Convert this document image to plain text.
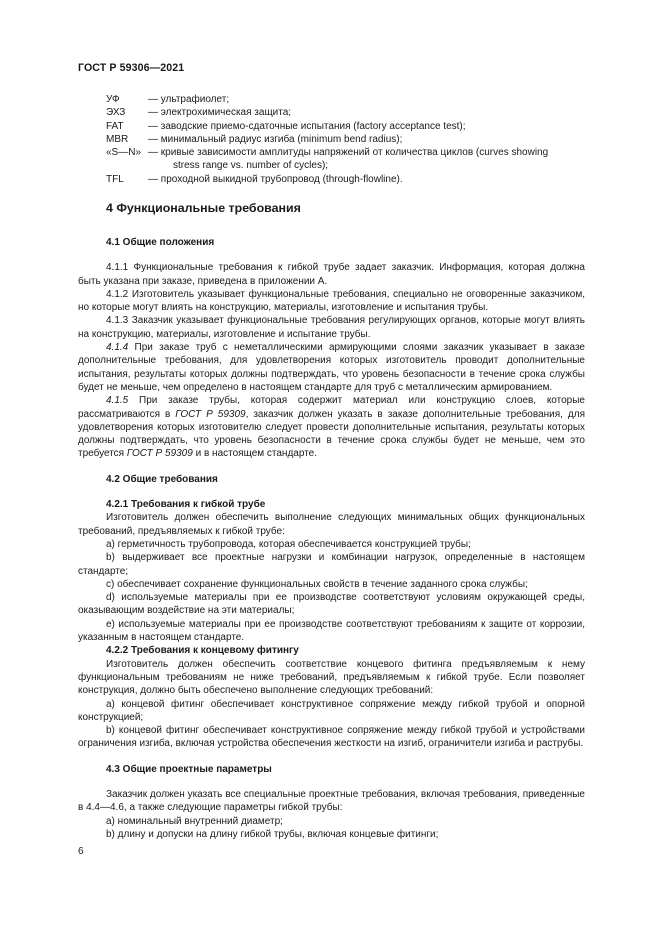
ГОСТ Р 59306—2021
УФ	— ультрафиолет;
ЭХЗ	— электрохимическая защита;
FAT	— заводские приемо-сдаточные испытания (factory acceptance test);
MBR	— минимальный радиус изгиба (minimum bend radius);
«S—N» — кривые зависимости амплитуды напряжений от количества циклов (curves showing
stress range vs. number of cycles);
TFL	— проходной выкидной трубопровод (through-flowline).
4 Функциональные требования
4.1 Общие положения

4.1.1 Функциональные требования к гибкой трубе задает заказчик. Информация, которая должна быть указана при заказе, приведена в приложении А.

4.1.2 Изготовитель указывает функциональные требования, специально не оговоренные заказчиком, но которые могут влиять на конструкцию, материалы, изготовление и испытания трубы.

4.1.3 Заказчик указывает функциональные требования регулирующих органов, которые могут влиять на конструкцию, материалы, изготовление и испытание трубы.

4.1.4 При заказе труб с неметаллическими армирующими слоями заказчик указывает в заказе дополнительные требования, для удовлетворения которых изготовитель проводит дополнительные испытания, результаты которых должны подтверждать, что уровень безопасности в течение срока службы будет не меньше, чем определено в настоящем стандарте для труб с металлическим армированием.

4.1.5 При заказе трубы, которая содержит материал или конструкцию слоев, которые рассматриваются в ГОСТ Р 59309, заказчик должен указать в заказе дополнительные требования, для удовлетворения которых изготовителю следует провести дополнительные испытания, результаты которых должны подтверждать, что уровень безопасности в течение срока службы будет не меньше, чем это требуется ГОСТ Р 59309 и в настоящем стандарте.

4.2 Общие требования
4.2.1 Требования к гибкой трубе

Изготовитель должен обеспечить выполнение следующих минимальных общих функциональных требований, предъявляемых к гибкой трубе:

а) герметичность трубопровода, которая обеспечивается конструкцией трубы;

b) выдерживает все проектные нагрузки и комбинации нагрузок, определенные в настоящем стандарте;

с) обеспечивает сохранение функциональных свойств в течение заданного срока службы;

d) используемые материалы при ее производстве соответствуют условиям окружающей среды, оказывающим воздействие на эти материалы;

е) используемые материалы при ее производстве соответствуют требованиям к защите от коррозии, указанным в настоящем стандарте.

4.2.2 Требования к концевому фитингу

Изготовитель должен обеспечить соответствие концевого фитинга предъявляемым к нему функциональным требованиям не ниже требований, предъявляемым к гибкой трубе. Если позволяет конструкция, должно быть обеспечено выполнение следующих требований:

а) концевой фитинг обеспечивает конструктивное сопряжение между гибкой трубой и опорной конструкцией;

b) концевой фитинг обеспечивает конструктивное сопряжение между гибкой трубой и устройствами ограничения изгиба, включая устройства обеспечения жесткости на изгиб, ограничители изгиба и раструбы.

4.3 Общие проектные параметры

Заказчик должен указать все специальные проектные требования, включая требования, приведенные в 4.4—4.6, а также следующие параметры гибкой трубы:

а) номинальный внутренний диаметр;

b) длину и допуски на длину гибкой трубы, включая концевые фитинги;

6
